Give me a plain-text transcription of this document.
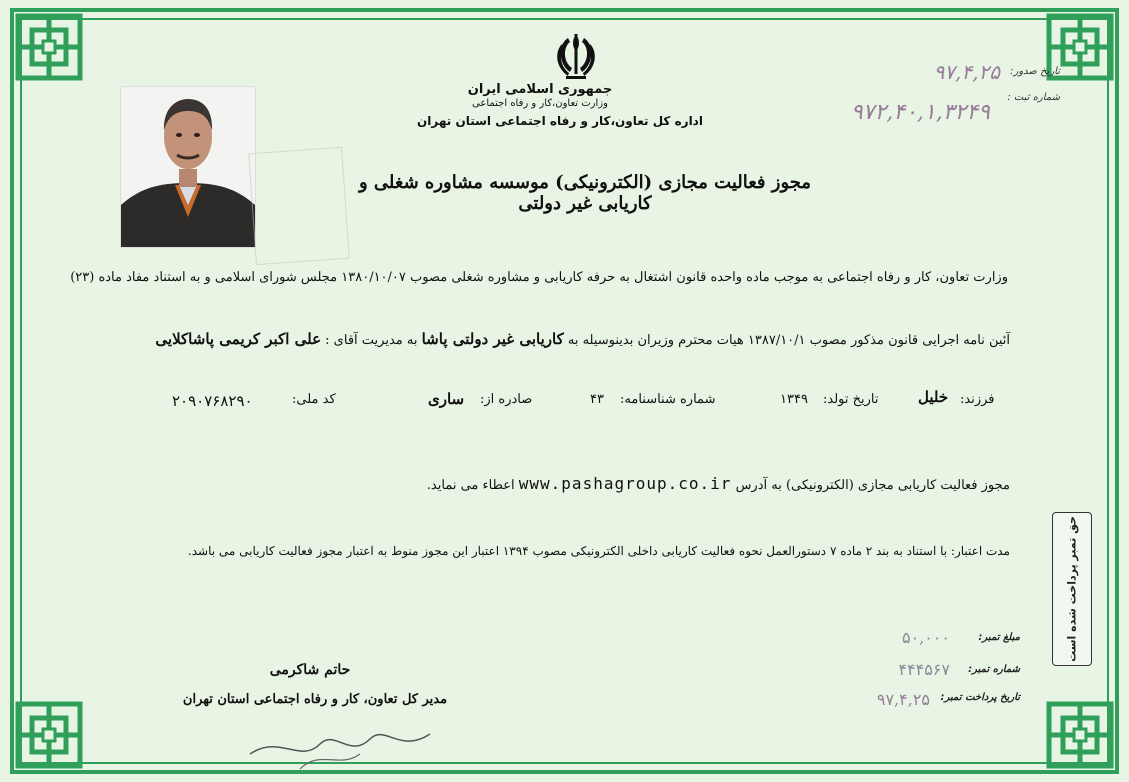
جمهوری اسلامی ایران
وزارت تعاون،کار و رفاه اجتماعی
اداره کل تعاون،کار و رفاه اجتماعی استان تهران
تاریخ صدور:
شماره ثبت :
۹۷,۴,۲۵
۹۷۲,۴۰,۱,۳۲۴۹
مجوز فعالیت مجازی (الکترونیکی) موسسه مشاوره شغلی و کاریابی غیر دولتی
وزارت تعاون، کار و رفاه اجتماعی به موجب ماده واحده قانون اشتغال به حرفه کاریابی و مشاوره شغلی مصوب ۱۳۸۰/۱۰/۰۷ مجلس شورای اسلامی و به استناد مفاد ماده (۲۳)
آئین نامه اجرایی قانون مذکور مصوب ۱۳۸۷/۱۰/۱ هیات محترم وزیران بدینوسیله به کاریابی غیر دولتی پاشا به مدیریت آقای : علی اکبر کریمی پاشاکلایی
فرزند:
خلیل
تاریخ تولد:
۱۳۴۹
شماره شناسنامه:
۴۳
صادره از:
ساری
کد ملی:
۲۰۹۰۷۶۸۲۹۰
مجوز فعالیت کاریابی مجازی (الکترونیکی) به آدرس www.pashagroup.co.ir اعطاء می نماید.
مدت اعتبار: با استناد به بند ۲ ماده ۷ دستورالعمل نحوه فعالیت کاریابی داخلی الکترونیکی مصوب ۱۳۹۴ اعتبار این مجوز منوط به اعتبار مجوز فعالیت کاریابی می باشد.	حق تمبر پرداخت شده است
مبلغ تمبر:
شماره تمبر:
تاریخ پرداخت تمبر:
۵۰,۰۰۰
۴۴۴۵۶۷
۹۷,۴,۲۵
حاتم شاکرمی
مدیر کل تعاون، کار و رفاه اجتماعی استان تهران
